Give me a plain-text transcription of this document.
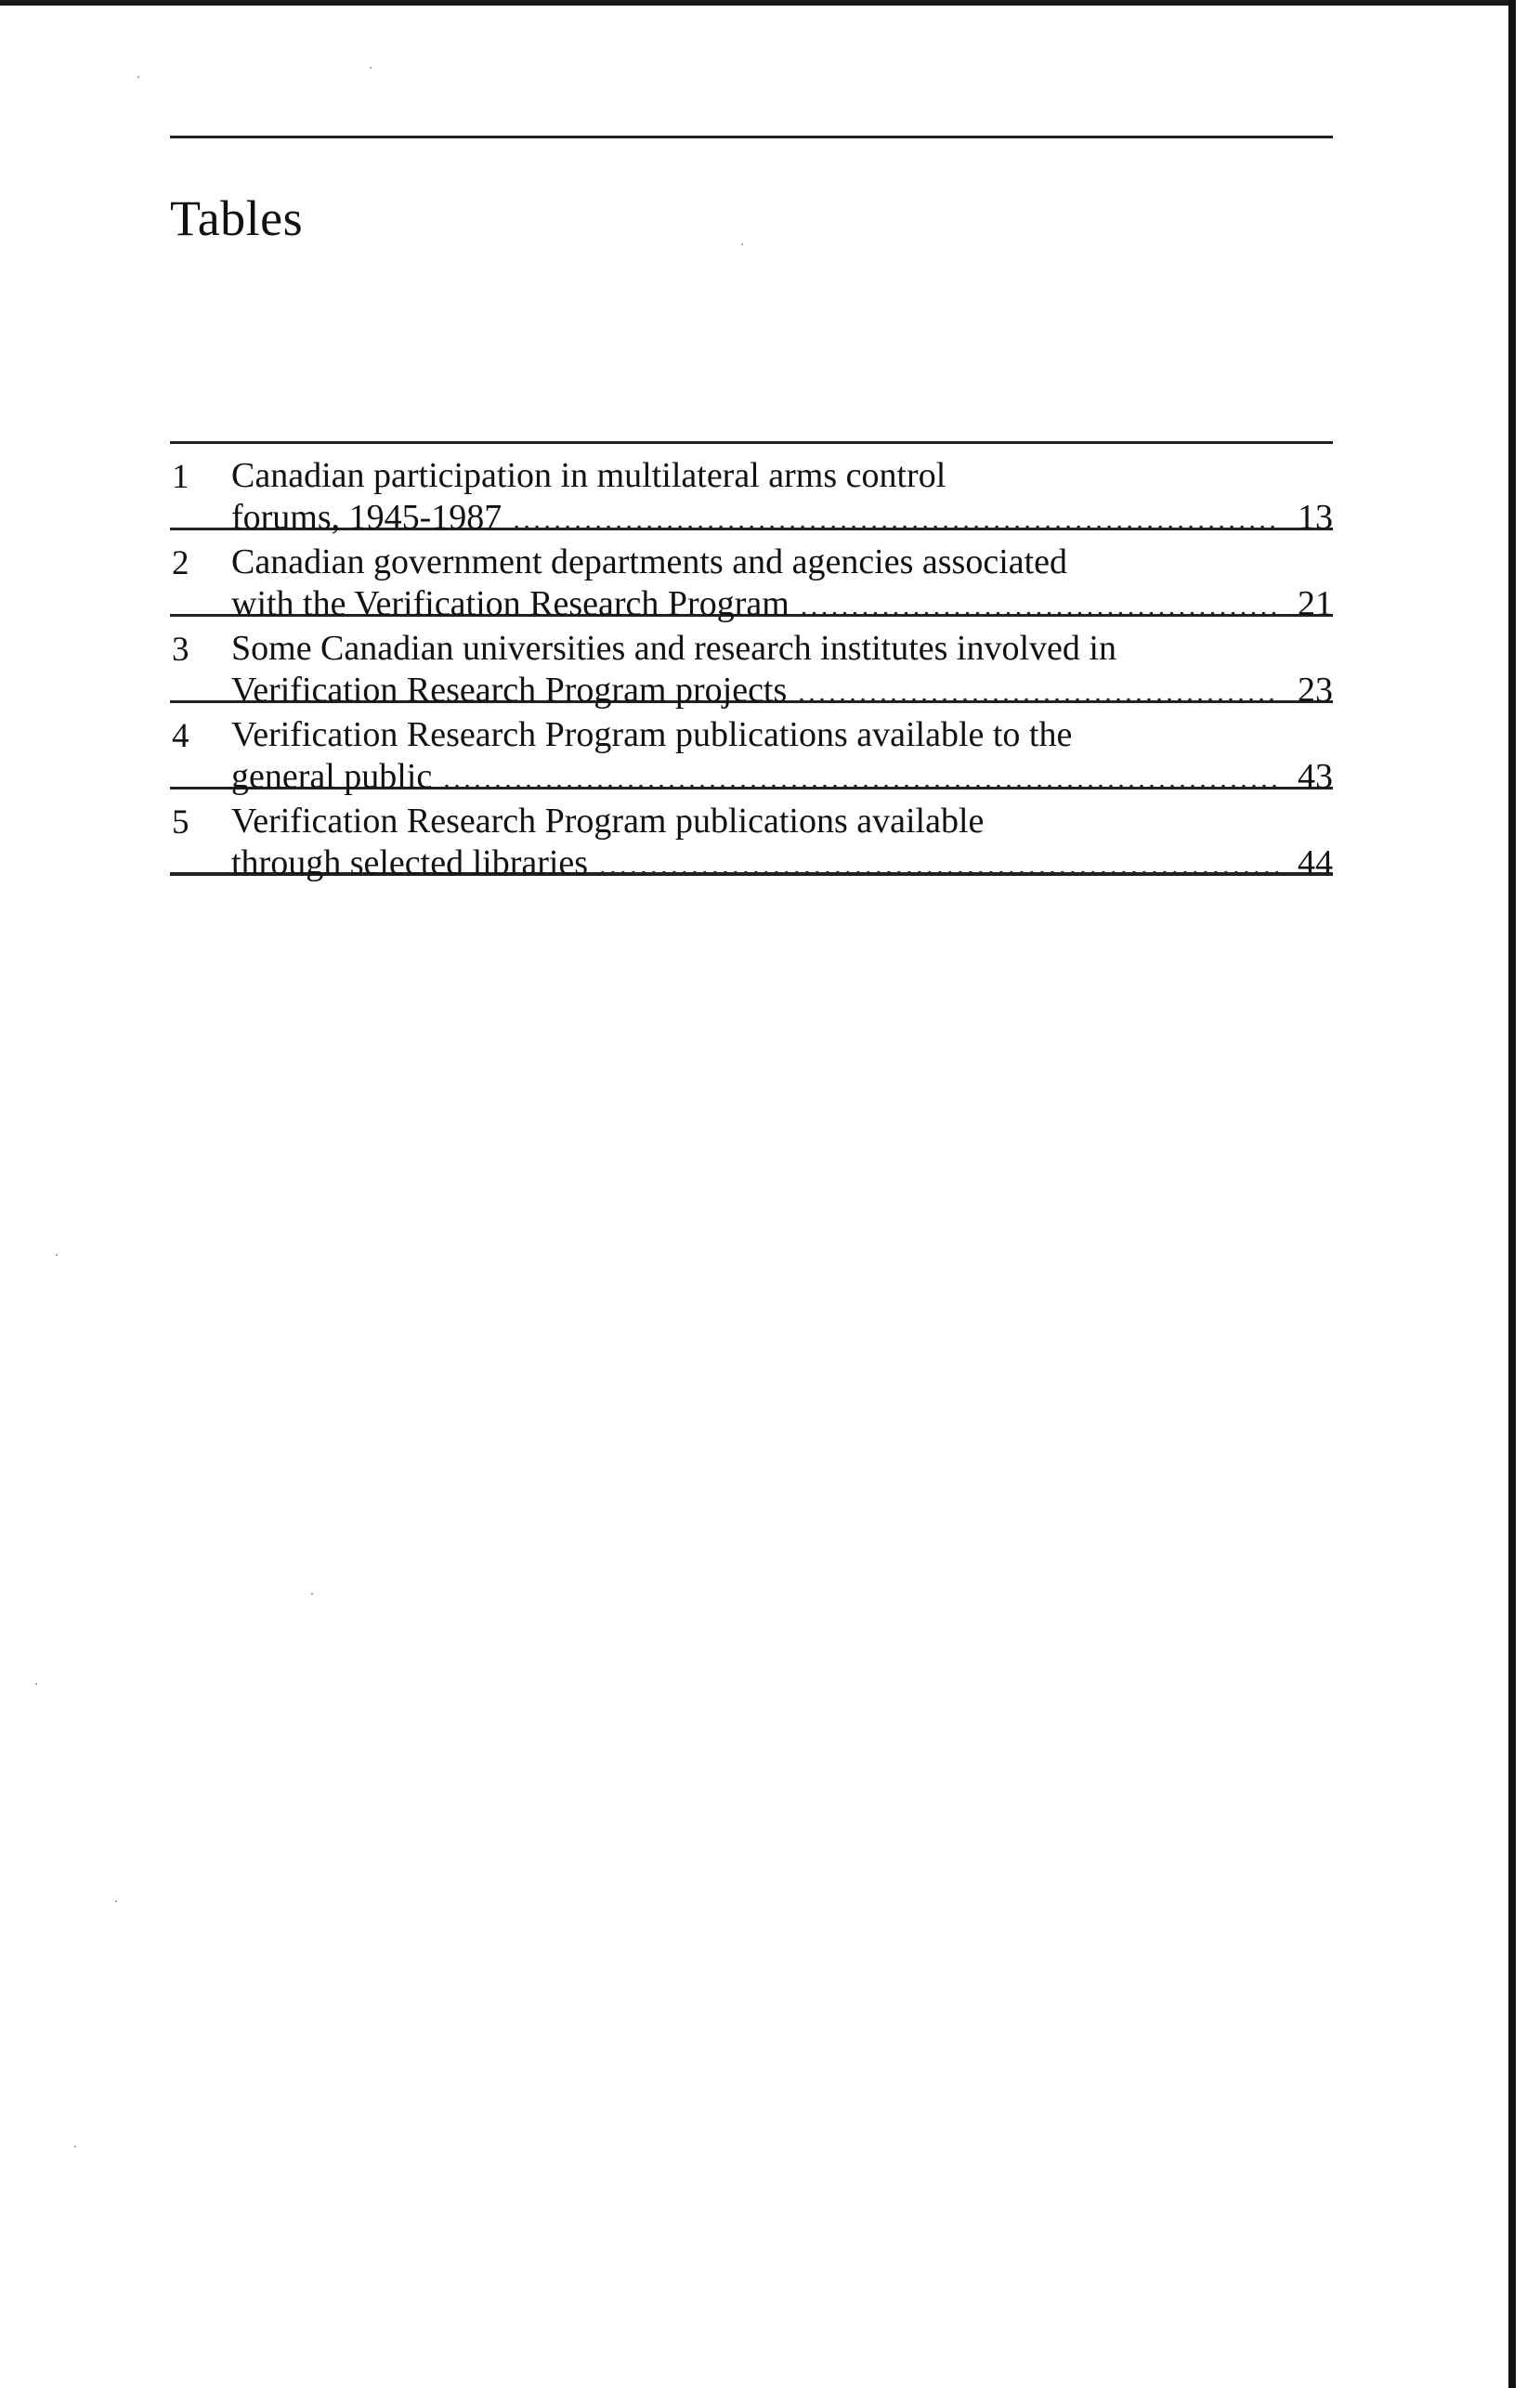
Tables
1 Canadian participation in multilateral arms control
forums, 1945-1987 . . .	13
2 Canadian government departments and agencies associated
with the Verification Research Program . . .	21
3 Some Canadian universities and research institutes involved in
Verification Research Program projects . . .	23
4 Verification Research Program publications available to the
general public . . .	43
5 Verification Research Program publications available
through selected libraries . . .	44
